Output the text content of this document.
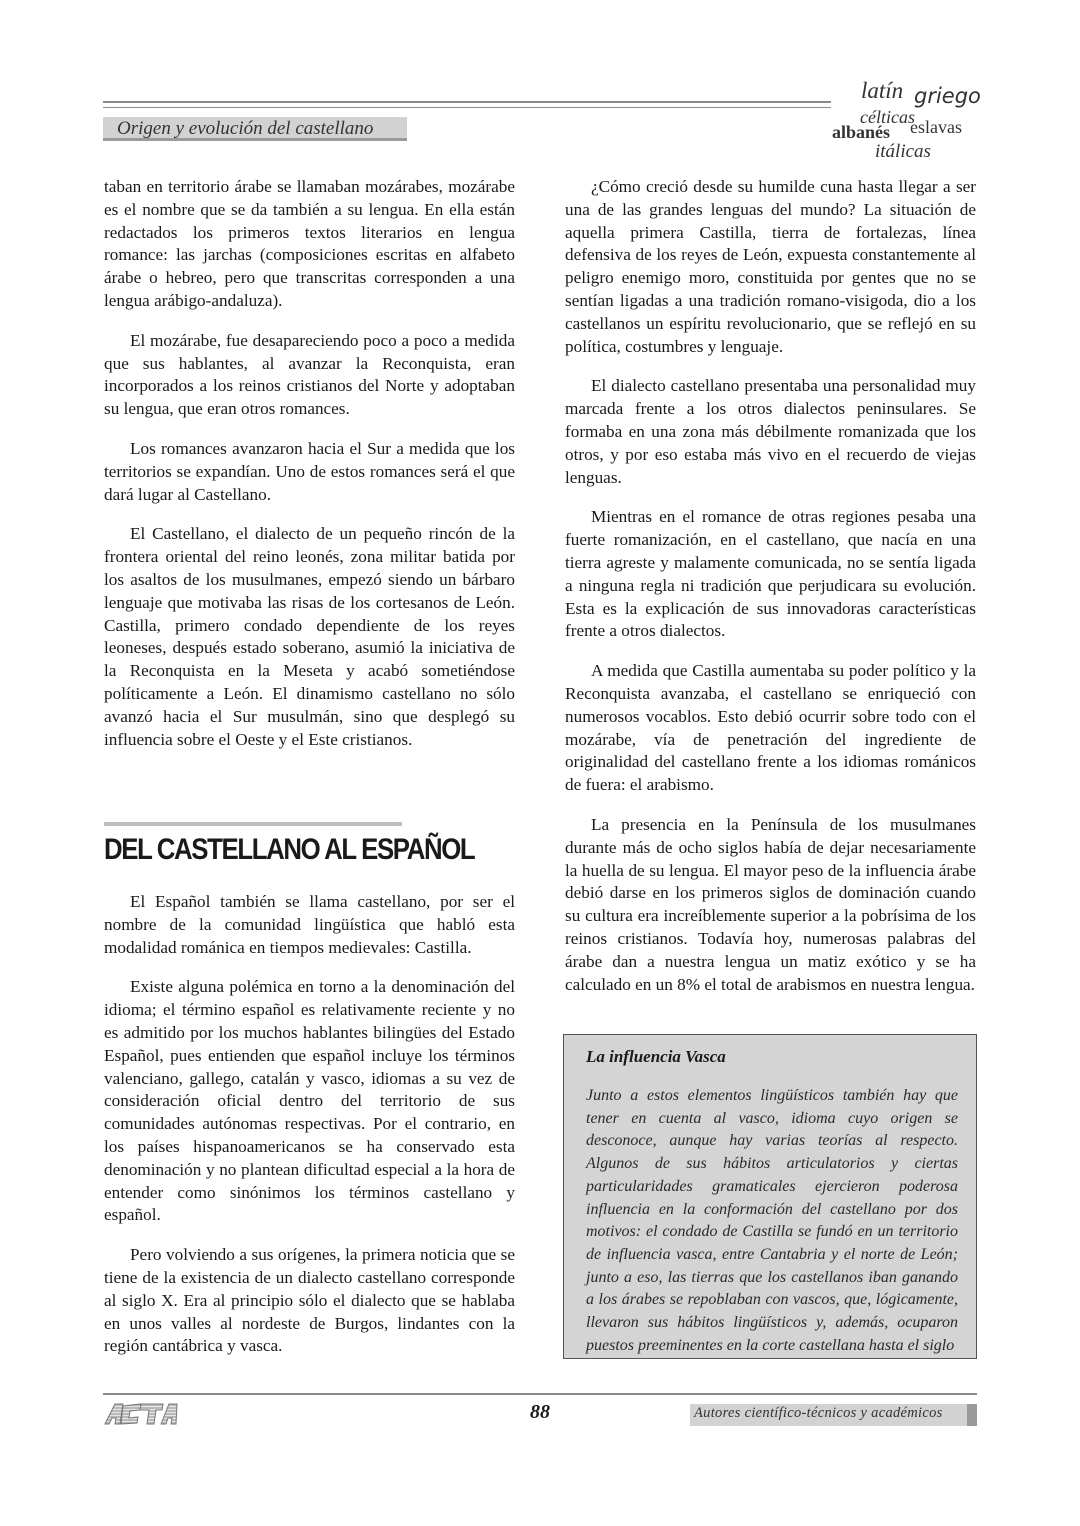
Origen y evolución del castellano
latín griego
célticas
albanés eslavas
itálicas

taban en territorio árabe se llamaban mozárabes, mozárabe es el nombre que se da también a su lengua. En ella están redactados los primeros textos literarios en lengua romance: las jarchas (composiciones escritas en alfabeto árabe o hebreo, pero que transcritas corresponden a una lengua arábigo-andaluza).

El mozárabe, fue desapareciendo poco a poco a medida que sus hablantes, al avanzar la Reconquista, eran incorporados a los reinos cristianos del Norte y adoptaban su lengua, que eran otros romances.

Los romances avanzaron hacia el Sur a medida que los territorios se expandían. Uno de estos romances será el que dará lugar al Castellano.

El Castellano, el dialecto de un pequeño rincón de la frontera oriental del reino leonés, zona militar batida por los asaltos de los musulmanes, empezó siendo un bárbaro lenguaje que motivaba las risas de los cortesanos de León. Castilla, primero condado dependiente de los reyes leoneses, después estado soberano, asumió la iniciativa de la Reconquista en la Meseta y acabó sometiéndose políticamente a León. El dinamismo castellano no sólo avanzó hacia el Sur musulmán, sino que desplegó su influencia sobre el Oeste y el Este cristianos.

DEL CASTELLANO AL ESPAÑOL

El Español también se llama castellano, por ser el nombre de la comunidad lingüística que habló esta modalidad románica en tiempos medievales: Castilla.

Existe alguna polémica en torno a la denominación del idioma; el término español es relativamente reciente y no es admitido por los muchos hablantes bilingües del Estado Español, pues entienden que español incluye los términos valenciano, gallego, catalán y vasco, idiomas a su vez de consideración oficial dentro del territorio de sus comunidades autónomas respectivas. Por el contrario, en los países hispanoamericanos se ha conservado esta denominación y no plantean dificultad especial a la hora de entender como sinónimos los términos castellano y español.

Pero volviendo a sus orígenes, la primera noticia que se tiene de la existencia de un dialecto castellano corresponde al siglo X. Era al principio sólo el dialecto que se hablaba en unos valles al nordeste de Burgos, lindantes con la región cantábrica y vasca.

¿Cómo creció desde su humilde cuna hasta llegar a ser una de las grandes lenguas del mundo? La situación de aquella primera Castilla, tierra de fortalezas, línea defensiva de los reyes de León, expuesta constantemente al peligro enemigo moro, constituida por gentes que no se sentían ligadas a una tradición romano-visigoda, dio a los castellanos un espíritu revolucionario, que se reflejó en su política, costumbres y lenguaje.

El dialecto castellano presentaba una personalidad muy marcada frente a los otros dialectos peninsulares. Se formaba en una zona más débilmente romanizada que los otros, y por eso estaba más vivo en el recuerdo de viejas lenguas.

Mientras en el romance de otras regiones pesaba una fuerte romanización, en el castellano, que nacía en una tierra agreste y malamente comunicada, no se sentía ligada a ninguna regla ni tradición que perjudicara su evolución. Esta es la explicación de sus innovadoras características frente a otros dialectos.

A medida que Castilla aumentaba su poder político y la Reconquista avanzaba, el castellano se enriqueció con numerosos vocablos. Esto debió ocurrir sobre todo con el mozárabe, vía de penetración del ingrediente de originalidad del castellano frente a los idiomas románicos de fuera: el arabismo.

La presencia en la Península de los musulmanes durante más de ocho siglos había de dejar necesariamente la huella de su lengua. El mayor peso de la influencia árabe debió darse en los primeros siglos de dominación cuando su cultura era increíblemente superior a la pobrísima de los reinos cristianos. Todavía hoy, numerosas palabras del árabe dan a nuestra lengua un matiz exótico y se ha calculado en un 8% el total de arabismos en nuestra lengua.

La influencia Vasca
Junto a estos elementos lingüísticos también hay que tener en cuenta al vasco, idioma cuyo origen se desconoce, aunque hay varias teorías al respecto. Algunos de sus hábitos articulatorios y ciertas particularidades gramaticales ejercieron poderosa influencia en la conformación del castellano por dos motivos: el condado de Castilla se fundó en un territorio de influencia vasca, entre Cantabria y el norte de León; junto a eso, las tierras que los castellanos iban ganando a los árabes se repoblaban con vascos, que, lógicamente, llevaron sus hábitos lingüísticos y, además, ocuparon puestos preeminentes en la corte castellana hasta el siglo
88	Autores científico-técnicos y académicos
